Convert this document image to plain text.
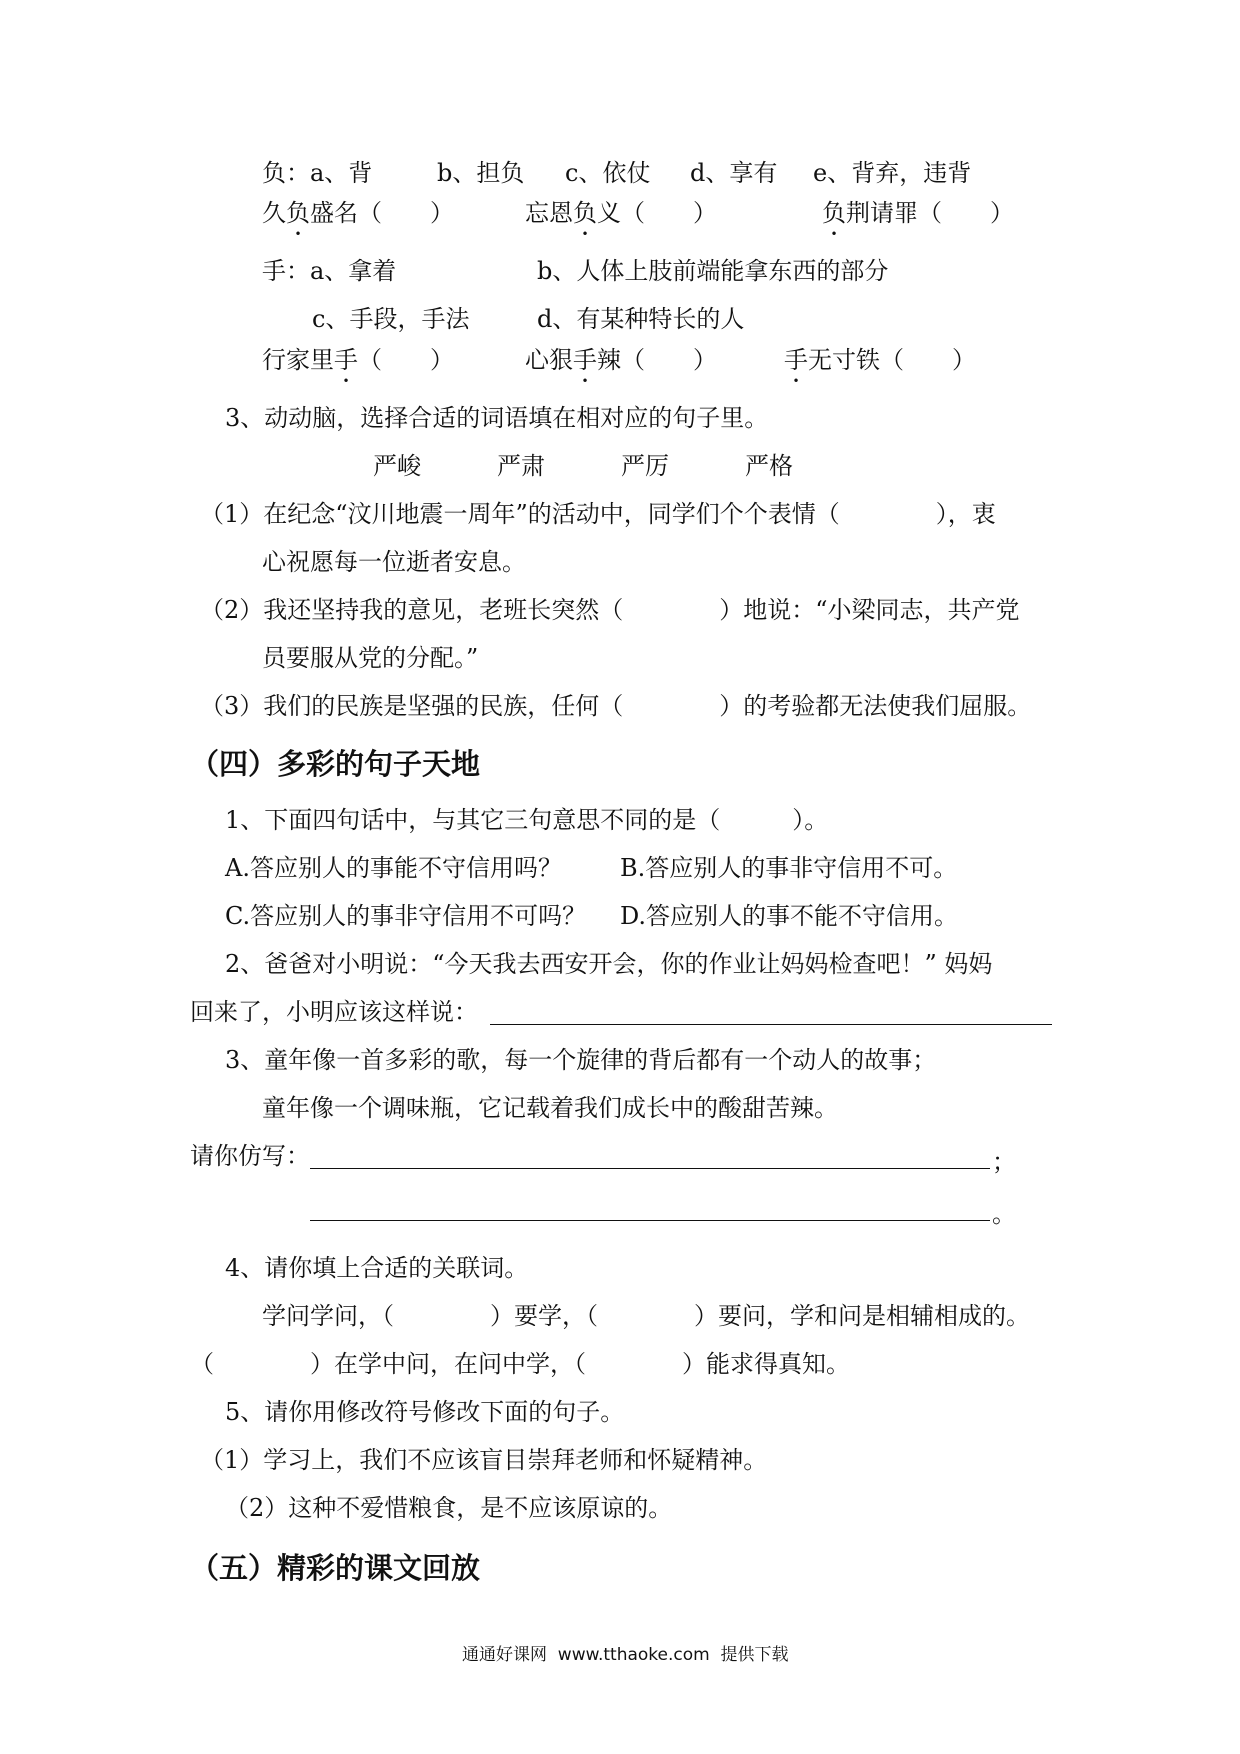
负：a、背	b、担负 c、依仗 d、享有 e、背弃，违背
久负盛名（　　）	忘恩负义（　　）	负荆请罪（　　）
手：a、拿着	b、人体上肢前端能拿东西的部分
c、手段，手法	d、有某种特长的人
行家里手（　　）	心狠手辣（　　）	手无寸铁（　　）
3、动动脑，选择合适的词语填在相对应的句子里。
严峻	严肃	严厉	严格
（1）在纪念“汶川地震一周年”的活动中，同学们个个表情（　　　　），衷
心祝愿每一位逝者安息。
（2）我还坚持我的意见，老班长突然（　　　　）地说：“小梁同志，共产党
员要服从党的分配。”
（3）我们的民族是坚强的民族，任何（　　　　）的考验都无法使我们屈服。
（四）多彩的句子天地
1、下面四句话中，与其它三句意思不同的是（　　　）。
A.答应别人的事能不守信用吗？ B.答应别人的事非守信用不可。
C.答应别人的事非守信用不可吗？ D.答应别人的事不能不守信用。
2、爸爸对小明说：“今天我去西安开会，你的作业让妈妈检查吧！” 妈妈
回来了，小明应该这样说：
3、童年像一首多彩的歌，每一个旋律的背后都有一个动人的故事；
童年像一个调味瓶，它记载着我们成长中的酸甜苦辣。
请你仿写：	；
。
4、请你填上合适的关联词。
学问学问，（　　　　）要学，（　　　　）要问，学和问是相辅相成的。
（　　　　）在学中问，在问中学，（　　　　）能求得真知。
5、请你用修改符号修改下面的句子。
（1）学习上，我们不应该盲目崇拜老师和怀疑精神。
（2）这种不爱惜粮食，是不应该原谅的。
（五）精彩的课文回放
通通好课网  www.tthaoke.com  提供下载
